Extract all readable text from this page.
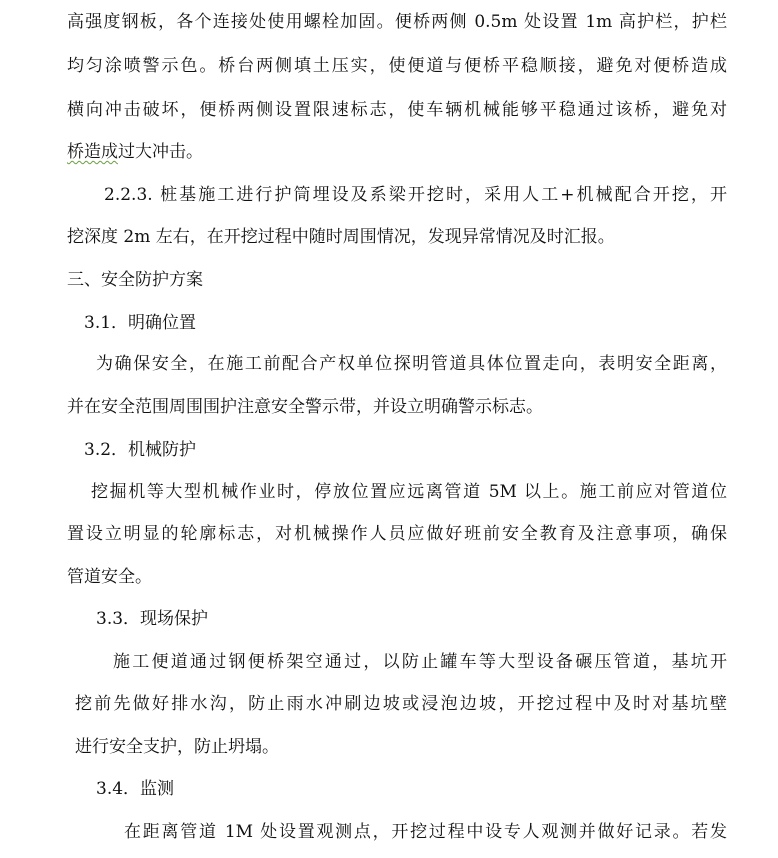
高强度钢板，各个连接处使用螺栓加固。便桥两侧 0.5m 处设置 1m 高护栏，护栏
均匀涂喷警示色。桥台两侧填土压实，使便道与便桥平稳顺接，避免对便桥造成
横向冲击破坏，便桥两侧设置限速标志，使车辆机械能够平稳通过该桥，避免对
桥造成过大冲击。
2.2.3. 桩基施工进行护筒埋设及系梁开挖时，采用人工+机械配合开挖，开
挖深度 2m 左右，在开挖过程中随时周围情况，发现异常情况及时汇报。
三、安全防护方案
3.1．明确位置
为确保安全，在施工前配合产权单位探明管道具体位置走向，表明安全距离，
并在安全范围周围围护注意安全警示带，并设立明确警示标志。
3.2．机械防护
挖掘机等大型机械作业时，停放位置应远离管道 5M 以上。施工前应对管道位
置设立明显的轮廓标志，对机械操作人员应做好班前安全教育及注意事项，确保
管道安全。
3.3．现场保护
施工便道通过钢便桥架空通过，以防止罐车等大型设备碾压管道，基坑开
挖前先做好排水沟，防止雨水冲刷边坡或浸泡边坡，开挖过程中及时对基坑壁
进行安全支护，防止坍塌。
3.4．监测
在距离管道 1M 处设置观测点，开挖过程中设专人观测并做好记录。若发
